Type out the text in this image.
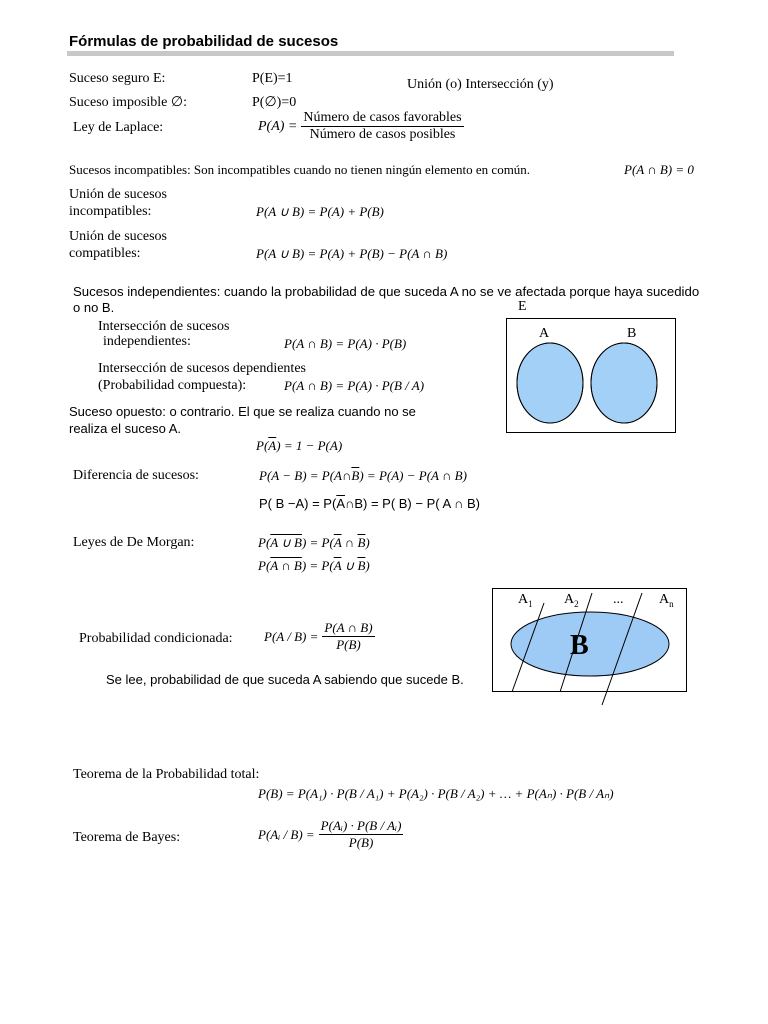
Fórmulas de probabilidad de sucesos
Suceso seguro E:	P(E)=1	Unión (o) Intersección (y)
Suceso imposible ∅:	P(∅)=0
Ley de Laplace:	$P(A) = \frac{\text{Número de casos favorables}}{\text{Número de casos posibles}}$
Sucesos incompatibles: Son incompatibles cuando no tienen ningún elemento en común.	P(A ∩ B) = 0
Unión de sucesos
incompatibles:	P(A ∪ B) = P(A) + P(B)
Unión de sucesos
compatibles:	P(A ∪ B) = P(A) + P(B) − P(A ∩ B)
Sucesos independientes: cuando la probabilidad de que suceda A no se ve afectada porque haya sucedido
o no B.
Intersección de sucesos
independientes:	P(A ∩ B) = P(A) · P(B)
Intersección de sucesos dependientes
(Probabilidad compuesta):	P(A ∩ B) = P(A) · P(B / A)
E
A	B
Suceso opuesto: o contrario. El que se realiza cuando no se
realiza el suceso A.
$P(\overline{A}) = 1 - P(A)$
Diferencia de sucesos:	$P(A - B) = P(A\cap\overline{B}) = P(A) - P(A$ ∩ B)
P( $B -A) = P(\overline{A}\cap B) = P$( B) − P( A ∩ B)
Leyes de De Morgan:	P(A ∪ $B) = P(\overline{A}$ ∩ $\overline{B}$)
P(A ∩ $B) = P(\overline{A}$ ∪ $\overline{B}$)
B
$A_1$ $A_2$ ...	$A_n$
Probabilidad condicionada: $P(A / B) = \frac{P(A \cap B)}{P(B)}$
Se lee, probabilidad de que suceda A sabiendo que sucede B.
Teorema de la Probabilidad total:
P(B) = P(A₁) · P(B / A₁) + P(A₂) · P(B / A₂) + … + P(Aₙ) · P(B / Aₙ)
Teorema de Bayes:	P(Aᵢ / $B) = \frac{\text{P(Aᵢ) · P(B / Aᵢ)}}{P(B)}$
